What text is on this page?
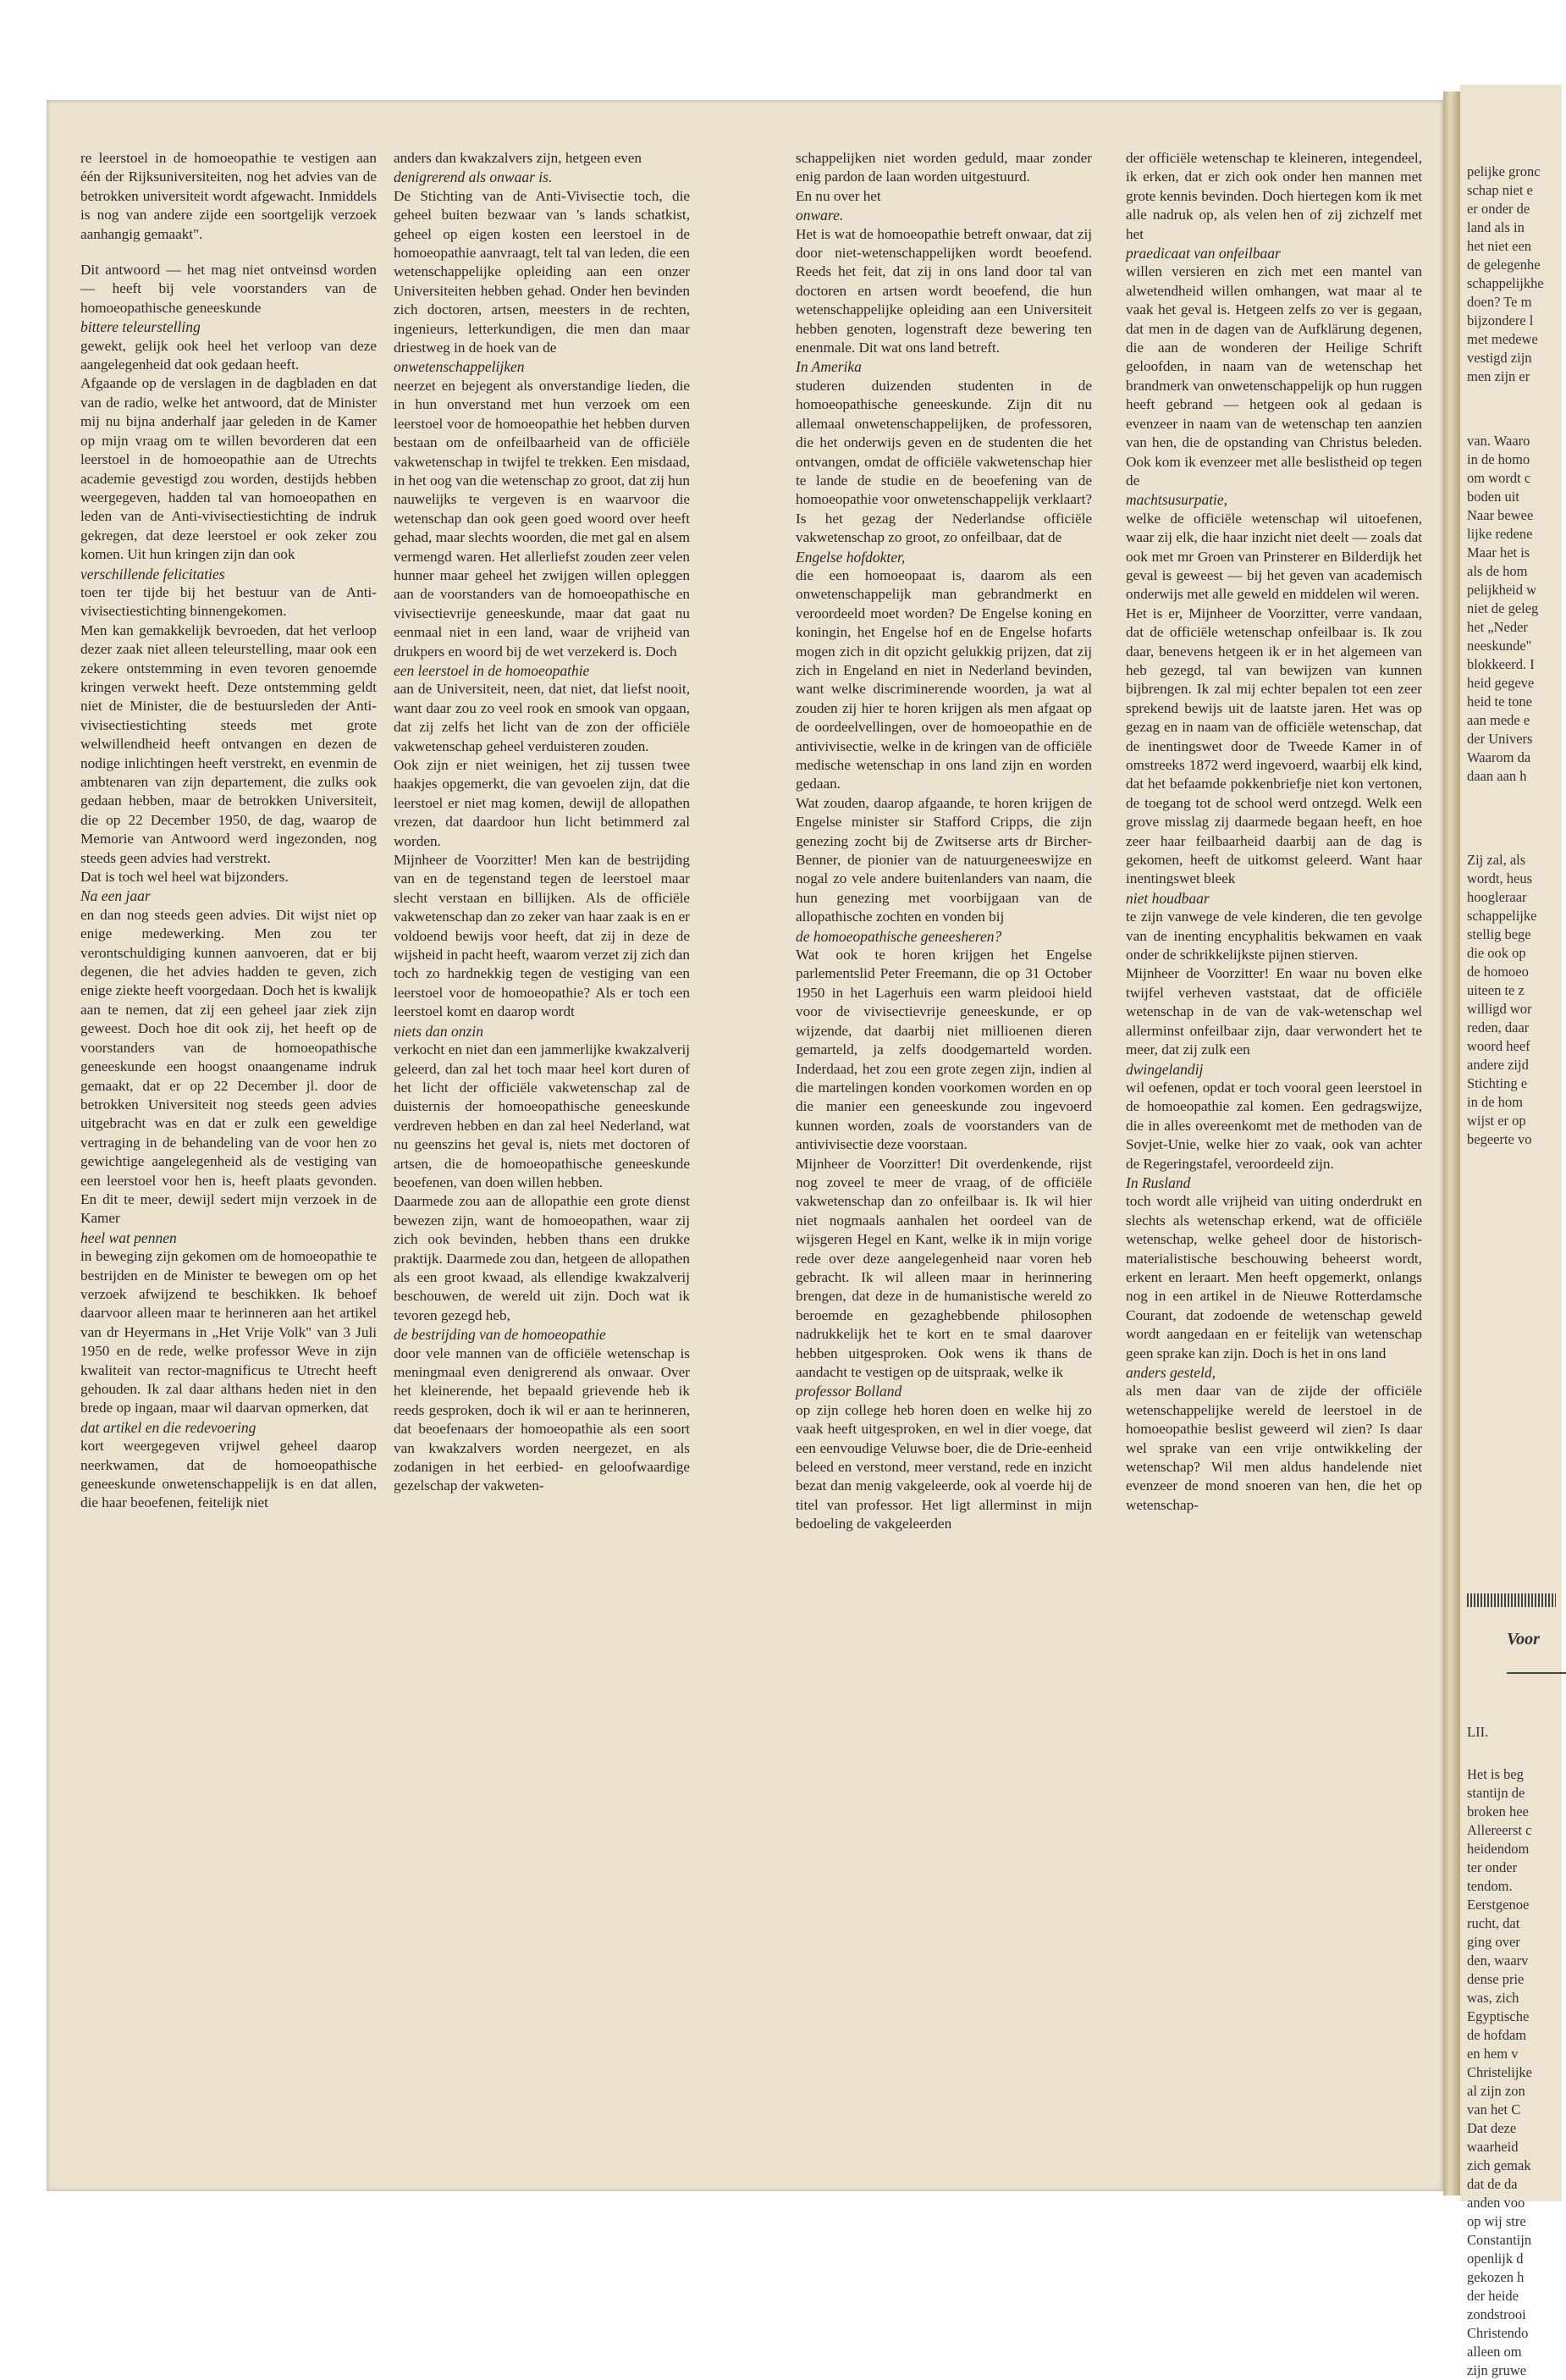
re leerstoel in de homoeopathie te vestigen aan één der Rijksuniversiteiten, nog het advies van de betrokken universiteit wordt afgewacht. Inmiddels is nog van andere zijde een soortgelijk verzoek aanhangig gemaakt".

Dit antwoord — het mag niet ontveinsd worden — heeft bij vele voorstanders van de homoeopathische geneeskunde

bittere teleurstelling

gewekt, gelijk ook heel het verloop van deze aangelegenheid dat ook gedaan heeft.

Afgaande op de verslagen in de dagbladen en dat van de radio, welke het antwoord, dat de Minister mij nu bijna anderhalf jaar geleden in de Kamer op mijn vraag om te willen bevorderen dat een leerstoel in de homoeopathie aan de Utrechts academie gevestigd zou worden, destijds hebben weergegeven, hadden tal van homoeopathen en leden van de Anti-vivisectiestichting de indruk gekregen, dat deze leerstoel er ook zeker zou komen. Uit hun kringen zijn dan ook

verschillende felicitaties

toen ter tijde bij het bestuur van de Anti-vivisectiestichting binnengekomen.

Men kan gemakkelijk bevroeden, dat het verloop dezer zaak niet alleen teleurstelling, maar ook een zekere ontstemming in even tevoren genoemde kringen verwekt heeft. Deze ontstemming geldt niet de Minister, die de bestuursleden der Anti-vivisectiestichting steeds met grote welwillendheid heeft ontvangen en dezen de nodige inlichtingen heeft verstrekt, en evenmin de ambtenaren van zijn departement, die zulks ook gedaan hebben, maar de betrokken Universiteit, die op 22 December 1950, de dag, waarop de Memorie van Antwoord werd ingezonden, nog steeds geen advies had verstrekt.

Dat is toch wel heel wat bijzonders.

Na een jaar

en dan nog steeds geen advies. Dit wijst niet op enige medewerking. Men zou ter verontschuldiging kunnen aanvoeren, dat er bij degenen, die het advies hadden te geven, zich enige ziekte heeft voorgedaan. Doch het is kwalijk aan te nemen, dat zij een geheel jaar ziek zijn geweest. Doch hoe dit ook zij, het heeft op de voorstanders van de homoeopathische geneeskunde een hoogst onaangename indruk gemaakt, dat er op 22 December jl. door de betrokken Universiteit nog steeds geen advies uitgebracht was en dat er zulk een geweldige vertraging in de behandeling van de voor hen zo gewichtige aangelegenheid als de vestiging van een leerstoel voor hen is, heeft plaats gevonden. En dit te meer, dewijl sedert mijn verzoek in de Kamer

heel wat pennen

in beweging zijn gekomen om de homoeopathie te bestrijden en de Minister te bewegen om op het verzoek afwijzend te beschikken. Ik behoef daarvoor alleen maar te herinneren aan het artikel van dr Heyermans in „Het Vrije Volk" van 3 Juli 1950 en de rede, welke professor Weve in zijn kwaliteit van rector-magnificus te Utrecht heeft gehouden. Ik zal daar althans heden niet in den brede op ingaan, maar wil daarvan opmerken, dat

dat artikel en die redevoering

kort weergegeven vrijwel geheel daarop neerkwamen, dat de homoeopathische geneeskunde onwetenschappelijk is en dat allen, die haar beoefenen, feitelijk niet

anders dan kwakzalvers zijn, hetgeen even

denigrerend als onwaar is.

De Stichting van de Anti-Vivisectie toch, die geheel buiten bezwaar van 's lands schatkist, geheel op eigen kosten een leerstoel in de homoeopathie aanvraagt, telt tal van leden, die een wetenschappelijke opleiding aan een onzer Universiteiten hebben gehad. Onder hen bevinden zich doctoren, artsen, meesters in de rechten, ingenieurs, letterkundigen, die men dan maar driestweg in de hoek van de

onwetenschappelijken

neerzet en bejegent als onverstandige lieden, die in hun onverstand met hun verzoek om een leerstoel voor de homoeopathie het hebben durven bestaan om de onfeilbaarheid van de officiële vakwetenschap in twijfel te trekken. Een misdaad, in het oog van die wetenschap zo groot, dat zij hun nauwelijks te vergeven is en waarvoor die wetenschap dan ook geen goed woord over heeft gehad, maar slechts woorden, die met gal en alsem vermengd waren. Het allerliefst zouden zeer velen hunner maar geheel het zwijgen willen opleggen aan de voorstanders van de homoeopathische en vivisectievrije geneeskunde, maar dat gaat nu eenmaal niet in een land, waar de vrijheid van drukpers en woord bij de wet verzekerd is. Doch

een leerstoel in de homoeopathie

aan de Universiteit, neen, dat niet, dat liefst nooit, want daar zou zo veel rook en smook van opgaan, dat zij zelfs het licht van de zon der officiële vakwetenschap geheel verduisteren zouden.

Ook zijn er niet weinigen, het zij tussen twee haakjes opgemerkt, die van gevoelen zijn, dat die leerstoel er niet mag komen, dewijl de allopathen vrezen, dat daardoor hun licht betimmerd zal worden.

Mijnheer de Voorzitter! Men kan de bestrijding van en de tegenstand tegen de leerstoel maar slecht verstaan en billijken. Als de officiële vakwetenschap dan zo zeker van haar zaak is en er voldoend bewijs voor heeft, dat zij in deze de wijsheid in pacht heeft, waarom verzet zij zich dan toch zo hardnekkig tegen de vestiging van een leerstoel voor de homoeopathie? Als er toch een leerstoel komt en daarop wordt

niets dan onzin

verkocht en niet dan een jammerlijke kwakzalverij geleerd, dan zal het toch maar heel kort duren of het licht der officiële vakwetenschap zal de duisternis der homoeopathische geneeskunde verdreven hebben en dan zal heel Nederland, wat nu geenszins het geval is, niets met doctoren of artsen, die de homoeopathische geneeskunde beoefenen, van doen willen hebben.

Daarmede zou aan de allopathie een grote dienst bewezen zijn, want de homoeopathen, waar zij zich ook bevinden, hebben thans een drukke praktijk. Daarmede zou dan, hetgeen de allopathen als een groot kwaad, als ellendige kwakzalverij beschouwen, de wereld uit zijn. Doch wat ik tevoren gezegd heb,

de bestrijding van de homoeopathie

door vele mannen van de officiële wetenschap is meningmaal even denigrerend als onwaar. Over het kleinerende, het bepaald grievende heb ik reeds gesproken, doch ik wil er aan te herinneren, dat beoefenaars der homoeopathie als een soort van kwakzalvers worden neergezet, en als zodanigen in het eerbied- en geloofwaardige gezelschap der vakweten-

schappelijken niet worden geduld, maar zonder enig pardon de laan worden uitgestuurd.

En nu over het

onware.

Het is wat de homoeopathie betreft onwaar, dat zij door niet-wetenschappelijken wordt beoefend. Reeds het feit, dat zij in ons land door tal van doctoren en artsen wordt beoefend, die hun wetenschappelijke opleiding aan een Universiteit hebben genoten, logenstraft deze bewering ten enenmale. Dit wat ons land betreft.

In Amerika

studeren duizenden studenten in de homoeopathische geneeskunde. Zijn dit nu allemaal onwetenschappelijken, de professoren, die het onderwijs geven en de studenten die het ontvangen, omdat de officiële vakwetenschap hier te lande de studie en de beoefening van de homoeopathie voor onwetenschappelijk verklaart? Is het gezag der Nederlandse officiële vakwetenschap zo groot, zo onfeilbaar, dat de

Engelse hofdokter,

die een homoeopaat is, daarom als een onwetenschappelijk man gebrandmerkt en veroordeeld moet worden? De Engelse koning en koningin, het Engelse hof en de Engelse hofarts mogen zich in dit opzicht gelukkig prijzen, dat zij zich in Engeland en niet in Nederland bevinden, want welke discriminerende woorden, ja wat al zouden zij hier te horen krijgen als men afgaat op de oordeelvellingen, over de homoeopathie en de antivivisectie, welke in de kringen van de officiële medische wetenschap in ons land zijn en worden gedaan.

Wat zouden, daarop afgaande, te horen krijgen de Engelse minister sir Stafford Cripps, die zijn genezing zocht bij de Zwitserse arts dr Bircher-Benner, de pionier van de natuurgeneeswijze en nogal zo vele andere buitenlanders van naam, die hun genezing met voorbijgaan van de allopathische zochten en vonden bij

de homoeopathische geneesheren?

Wat ook te horen krijgen het Engelse parlementslid Peter Freemann, die op 31 October 1950 in het Lagerhuis een warm pleidooi hield voor de vivisectievrije geneeskunde, er op wijzende, dat daarbij niet millioenen dieren gemarteld, ja zelfs doodgemarteld worden. Inderdaad, het zou een grote zegen zijn, indien al die martelingen konden voorkomen worden en op die manier een geneeskunde zou ingevoerd kunnen worden, zoals de voorstanders van de antivivisectie deze voorstaan.

Mijnheer de Voorzitter! Dit overdenkende, rijst nog zoveel te meer de vraag, of de officiële vakwetenschap dan zo onfeilbaar is. Ik wil hier niet nogmaals aanhalen het oordeel van de wijsgeren Hegel en Kant, welke ik in mijn vorige rede over deze aangelegenheid naar voren heb gebracht. Ik wil alleen maar in herinnering brengen, dat deze in de humanistische wereld zo beroemde en gezaghebbende philosophen nadrukkelijk het te kort en te smal daarover hebben uitgesproken. Ook wens ik thans de aandacht te vestigen op de uitspraak, welke ik

professor Bolland

op zijn college heb horen doen en welke hij zo vaak heeft uitgesproken, en wel in dier voege, dat een eenvoudige Veluwse boer, die de Drie-eenheid beleed en verstond, meer verstand, rede en inzicht bezat dan menig vakgeleerde, ook al voerde hij de titel van professor. Het ligt allerminst in mijn bedoeling de vakgeleerden

der officiële wetenschap te kleineren, integendeel, ik erken, dat er zich ook onder hen mannen met grote kennis bevinden. Doch hiertegen kom ik met alle nadruk op, als velen hen of zij zichzelf met het

praedicaat van onfeilbaar

willen versieren en zich met een mantel van alwetendheid willen omhangen, wat maar al te vaak het geval is. Hetgeen zelfs zo ver is gegaan, dat men in de dagen van de Aufklärung degenen, die aan de wonderen der Heilige Schrift geloofden, in naam van de wetenschap het brandmerk van onwetenschappelijk op hun ruggen heeft gebrand — hetgeen ook al gedaan is evenzeer in naam van de wetenschap ten aanzien van hen, die de opstanding van Christus beleden. Ook kom ik evenzeer met alle beslistheid op tegen de

machtsusurpatie,

welke de officiële wetenschap wil uitoefenen, waar zij elk, die haar inzicht niet deelt — zoals dat ook met mr Groen van Prinsterer en Bilderdijk het geval is geweest — bij het geven van academisch onderwijs met alle geweld en middelen wil weren.

Het is er, Mijnheer de Voorzitter, verre vandaan, dat de officiële wetenschap onfeilbaar is. Ik zou daar, benevens hetgeen ik er in het algemeen van heb gezegd, tal van bewijzen van kunnen bijbrengen. Ik zal mij echter bepalen tot een zeer sprekend bewijs uit de laatste jaren. Het was op gezag en in naam van de officiële wetenschap, dat de inentingswet door de Tweede Kamer in of omstreeks 1872 werd ingevoerd, waarbij elk kind, dat het befaamde pokkenbriefje niet kon vertonen, de toegang tot de school werd ontzegd. Welk een grove misslag zij daarmede begaan heeft, en hoe zeer haar feilbaarheid daarbij aan de dag is gekomen, heeft de uitkomst geleerd. Want haar inentingswet bleek

niet houdbaar

te zijn vanwege de vele kinderen, die ten gevolge van de inenting encyphalitis bekwamen en vaak onder de schrikkelijkste pijnen stierven.

Mijnheer de Voorzitter! En waar nu boven elke twijfel verheven vaststaat, dat de officiële wetenschap in de van de vak-wetenschap wel allerminst onfeilbaar zijn, daar verwondert het te meer, dat zij zulk een

dwingelandij

wil oefenen, opdat er toch vooral geen leerstoel in de homoeopathie zal komen. Een gedragswijze, die in alles overeenkomt met de methoden van de Sovjet-Unie, welke hier zo vaak, ook van achter de Regeringstafel, veroordeeld zijn.

In Rusland

toch wordt alle vrijheid van uiting onderdrukt en slechts als wetenschap erkend, wat de officiële wetenschap, welke geheel door de historisch-materialistische beschouwing beheerst wordt, erkent en leraart. Men heeft opgemerkt, onlangs nog in een artikel in de Nieuwe Rotterdamsche Courant, dat zodoende de wetenschap geweld wordt aangedaan en er feitelijk van wetenschap geen sprake kan zijn. Doch is het in ons land

anders gesteld,

als men daar van de zijde der officiële wetenschappelijke wereld de leerstoel in de homoeopathie beslist geweerd wil zien? Is daar wel sprake van een vrije ontwikkeling der wetenschap? Wil men aldus handelende niet evenzeer de mond snoeren van hen, die het op wetenschap-

pelijke gronc
schap niet e
er onder de
land als in
het niet een
de gelegenhe
schappelijkhe
doen? Te m
bijzondere l
met medewe
vestigd zijn
men zijn er
van. Waaro
in de homo
om wordt c
boden uit
Naar bewee
lijke redene
Maar het is
als de hom
pelijkheid w
niet de geleg
het „Neder
neeskunde"
blokkeerd. I
heid gegeve
heid te tone
aan mede e
der Univers
Waarom da
daan aan h
Zij zal, als
wordt, heus
hoogleraar
schappelijke
stellig bege
die ook op
de homoeo
uiteen te z
willigd wor
reden, daar
woord heef
andere zijd
Stichting e
in de hom
wijst er op
begeerte vo
Voor
LII.
Het is beg
stantijn de
broken hee
Allereerst c
heidendom
ter onder
tendom.
Eerstgenoe
rucht, dat
ging over
den, waarv
dense prie
was, zich
Egyptische
de hofdam
en hem v
Christelijke
al zijn zon
van het C
Dat deze
waarheid
zich gemak
dat de da
anden voo
op wij stre
Constantijn
openlijk d
gekozen h
der heide
zondstrooi
Christendo
alleen om
zijn gruwe
